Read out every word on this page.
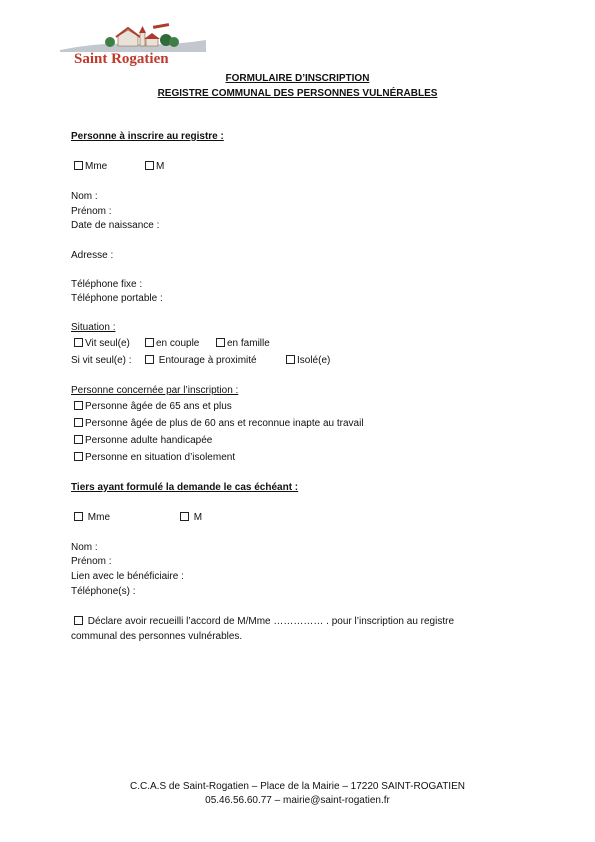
Saint Rogatien
FORMULAIRE D’INSCRIPTION
REGISTRE COMMUNAL DES PERSONNES VULNÉRABLES
Personne à inscrire au registre :
Mme	M
Nom :
Prénom :
Date de naissance :
Adresse :
Téléphone fixe :
Téléphone portable :
Situation :
Vit seul(e)	en couple	en famille
Si vit seul(e) :	Entourage à proximité	Isolé(e)
Personne concernée par l’inscription :
Personne âgée de 65 ans et plus
Personne âgée de plus de 60 ans et reconnue inapte au travail
Personne adulte handicapée
Personne en situation d’isolement
Tiers ayant formulé la demande le cas échéant :
Mme	M
Nom :
Prénom :
Lien avec le bénéficiaire :
Téléphone(s) :
Déclare avoir recueilli l’accord de M/Mme …………… . pour l’inscription au registre
communal des personnes vulnérables.
C.C.A.S de Saint-Rogatien – Place de la Mairie – 17220 SAINT-ROGATIEN
05.46.56.60.77 – mairie@saint-rogatien.fr
